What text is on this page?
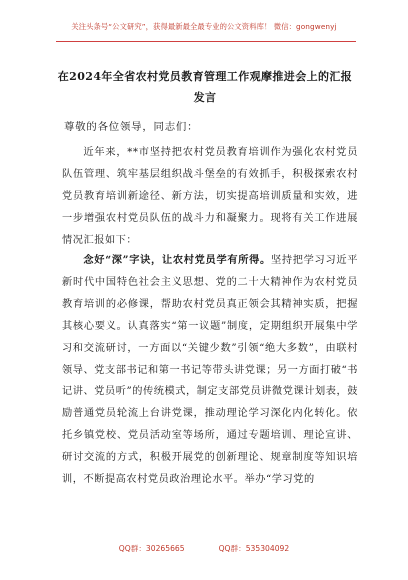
关注头条号“公文研究”，获得最新最全最专业的公文资料库！ 微信：gongwenyj
在2024年全省农村党员教育管理工作观摩推进会上的汇报
发言
尊敬的各位领导，同志们：

近年来，**市坚持把农村党员教育培训作为强化农村党员队伍管理、筑牢基层组织战斗堡垒的有效抓手，积极探索农村党员教育培训新途径、新方法，切实提高培训质量和实效，进一步增强农村党员队伍的战斗力和凝聚力。现将有关工作进展情况汇报如下：

念好“深”字诀，让农村党员学有所得。坚持把学习习近平新时代中国特色社会主义思想、党的二十大精神作为农村党员教育培训的必修课，帮助农村党员真正领会其精神实质，把握其核心要义。认真落实“第一议题”制度，定期组织开展集中学习和交流研讨，一方面以“关键少数”引领“绝大多数”，由联村领导、党支部书记和第一书记等带头讲党课；另一方面打破“书记讲、党员听”的传统模式，制定支部党员讲微党课计划表，鼓励普通党员轮流上台讲党课，推动理论学习深化内化转化。依托乡镇党校、党员活动室等场所，通过专题培训、理论宣讲、研讨交流的方式，积极开展党的创新理论、规章制度等知识培训，不断提高农村党员政治理论水平。举办“学习党的

QQ群：30265665	QQ群：535304092
